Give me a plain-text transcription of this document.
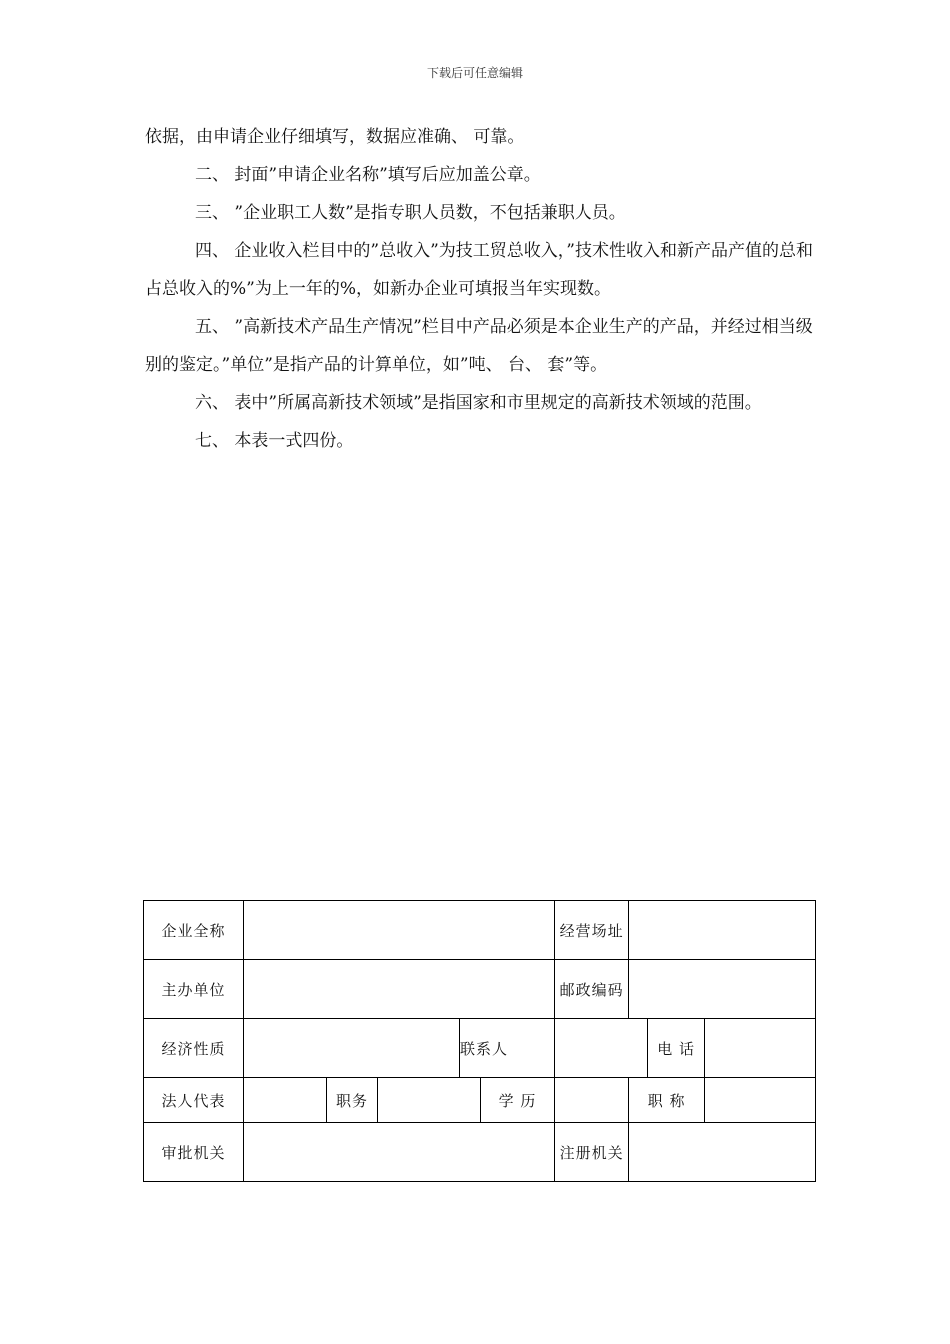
下载后可任意编辑

依据，由申请企业仔细填写，数据应准确、 可靠。

二、 封面”申请企业名称”填写后应加盖公章。

三、 ”企业职工人数”是指专职人员数，不包括兼职人员。

四、 企业收入栏目中的”总收入”为技工贸总收入，”技术性收入和新产品产值的总和占总收入的%”为上一年的%，如新办企业可填报当年实现数。

五、 ”高新技术产品生产情况”栏目中产品必须是本企业生产的产品，并经过相当级别的鉴定。”单位”是指产品的计算单位，如”吨、 台、 套”等。

六、 表中”所属高新技术领域”是指国家和市里规定的高新技术领域的范围。

七、 本表一式四份。

企业全称						经营场址			
主办单位						邮政编码			
经济性质				联系人				电 话	
法人代表		职务			学 历		职 称		
审批机关						注册机关			
